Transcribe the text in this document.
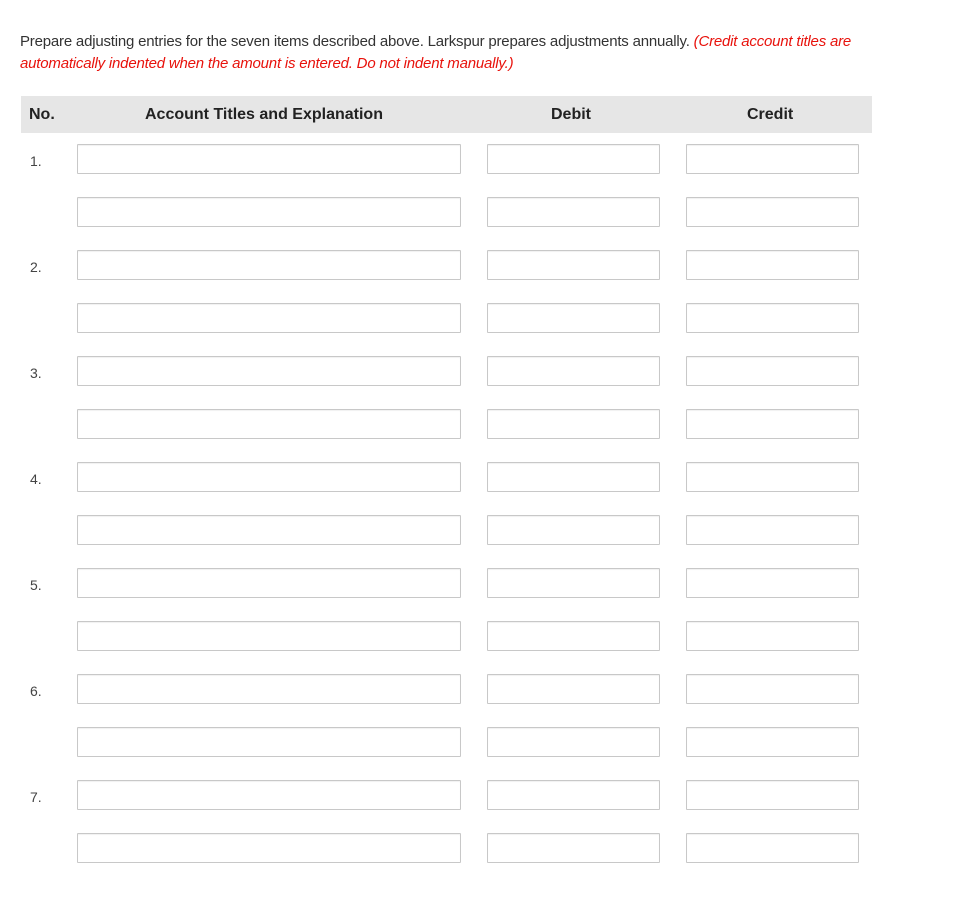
Prepare adjusting entries for the seven items described above. Larkspur prepares adjustments annually. (Credit account titles are automatically indented when the amount is entered. Do not indent manually.)
No.	Account Titles and Explanation	Debit	Credit
1.
2.
3.
4.
5.
6.
7.
